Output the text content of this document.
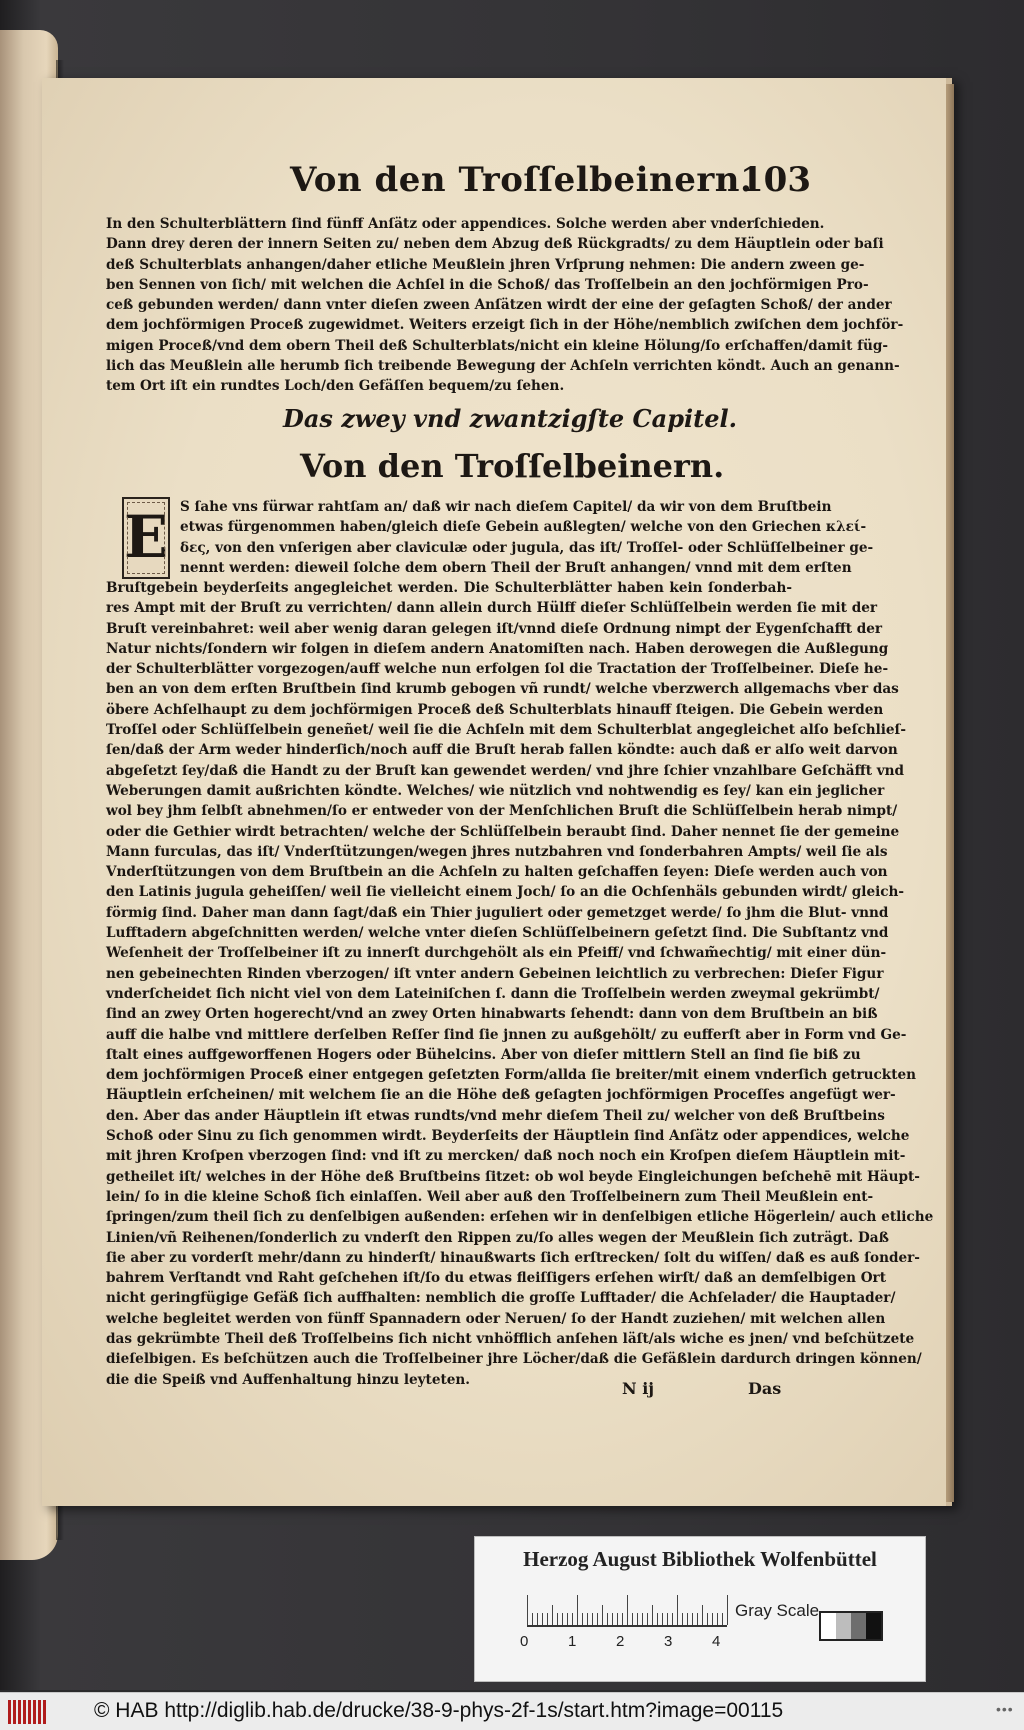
Von den Troſſelbeinern.
103
In den Schulterblättern ſind fünff Anſätz oder appendices. Solche werden aber vnderſchieden.
Dann drey deren der innern Seiten zu/ neben dem Abzug deß Rückgradts/ zu dem Häuptlein oder baſi
deß Schulterblats anhangen/daher etliche Meußlein jhren Vrſprung nehmen: Die andern zween ge-
ben Sennen von ſich/ mit welchen die Achſel in die Schoß/ das Troſſelbein an den jochförmigen Pro-
ceß gebunden werden/ dann vnter dieſen zween Anſätzen wirdt der eine der geſagten Schoß/ der ander
dem jochförmigen Proceß zugewidmet. Weiters erzeigt ſich in der Höhe/nemblich zwiſchen dem jochför-
migen Proceß/vnd dem obern Theil deß Schulterblats/nicht ein kleine Hölung/ſo erſchaffen/damit füg-
lich das Meußlein alle herumb ſich treibende Bewegung der Achſeln verrichten köndt. Auch an genann-
tem Ort iſt ein rundtes Loch/den Gefäſſen bequem/zu ſehen.
Das zwey vnd zwantzigſte Capitel.
Von den Troſſelbeinern.
E S ſahe vns fürwar rahtſam an/ daß wir nach dieſem Capitel/ da wir von dem Bruſtbein
etwas fürgenommen haben/gleich dieſe Gebein außlegten/ welche von den Griechen κλεί-
δες, von den vnſerigen aber claviculæ oder jugula, das iſt/ Troſſel- oder Schlüſſelbeiner ge-
nennt werden: dieweil ſolche dem obern Theil der Bruſt anhangen/ vnnd mit dem erſten
Bruſtgebein beyderſeits angegleichet werden. Die Schulterblätter haben kein ſonderbah-
res Ampt mit der Bruſt zu verrichten/ dann allein durch Hülff dieſer Schlüſſelbein werden ſie mit der
Bruſt vereinbahret: weil aber wenig daran gelegen iſt/vnnd dieſe Ordnung nimpt der Eygenſchafft der
Natur nichts/ſondern wir folgen in dieſem andern Anatomiſten nach. Haben derowegen die Außlegung
der Schulterblätter vorgezogen/auff welche nun erfolgen ſol die Tractation der Troſſelbeiner. Dieſe he-
ben an von dem erſten Bruſtbein ſind krumb gebogen vñ rundt/ welche vberzwerch allgemachs vber das
öbere Achſelhaupt zu dem jochförmigen Proceß deß Schulterblats hinauff ſteigen. Die Gebein werden
Troſſel oder Schlüſſelbein geneñet/ weil ſie die Achſeln mit dem Schulterblat angegleichet alſo beſchlieſ-
ſen/daß der Arm weder hinderſich/noch auff die Bruſt herab fallen köndte: auch daß er alſo weit darvon
abgeſetzt ſey/daß die Handt zu der Bruſt kan gewendet werden/ vnd jhre ſchier vnzahlbare Geſchäfft vnd
Weberungen damit außrichten köndte. Welches/ wie nützlich vnd nohtwendig es ſey/ kan ein jeglicher
wol bey jhm ſelbſt abnehmen/ſo er entweder von der Menſchlichen Bruſt die Schlüſſelbein herab nimpt/
oder die Gethier wirdt betrachten/ welche der Schlüſſelbein beraubt ſind. Daher nennet ſie der gemeine
Mann furculas, das iſt/ Vnderſtützungen/wegen jhres nutzbahren vnd ſonderbahren Ampts/ weil ſie als
Vnderſtützungen von dem Bruſtbein an die Achſeln zu halten geſchaffen ſeyen: Dieſe werden auch von
den Latinis jugula geheiſſen/ weil ſie vielleicht einem Joch/ ſo an die Ochſenhäls gebunden wirdt/ gleich-
förmig ſind. Daher man dann ſagt/daß ein Thier juguliert oder gemetzget werde/ ſo jhm die Blut- vnnd
Lufftadern abgeſchnitten werden/ welche vnter dieſen Schlüſſelbeinern geſetzt ſind. Die Subſtantz vnd
Weſenheit der Troſſelbeiner iſt zu innerſt durchgehölt als ein Pfeiff/ vnd ſchwam̃echtig/ mit einer dün-
nen gebeinechten Rinden vberzogen/ iſt vnter andern Gebeinen leichtlich zu verbrechen: Dieſer Figur
vnderſcheidet ſich nicht viel von dem Lateiniſchen ſ. dann die Troſſelbein werden zweymal gekrümbt/
ſind an zwey Orten hogerecht/vnd an zwey Orten hinabwarts ſehendt: dann von dem Bruſtbein an biß
auff die halbe vnd mittlere derſelben Reſſer ſind ſie jnnen zu außgehölt/ zu eufferſt aber in Form vnd Ge-
ſtalt eines auffgeworffenen Hogers oder Bühelcins. Aber von dieſer mittlern Stell an ſind ſie biß zu
dem jochförmigen Proceß einer entgegen geſetzten Form/allda ſie breiter/mit einem vnderſich getruckten
Häuptlein erſcheinen/ mit welchem ſie an die Höhe deß geſagten jochförmigen Proceſſes angefügt wer-
den. Aber das ander Häuptlein iſt etwas rundts/vnd mehr dieſem Theil zu/ welcher von deß Bruſtbeins
Schoß oder Sinu zu ſich genommen wirdt. Beyderſeits der Häuptlein ſind Anſätz oder appendices, welche
mit jhren Kroſpen vberzogen ſind: vnd iſt zu mercken/ daß noch noch ein Kroſpen dieſem Häuptlein mit-
getheilet iſt/ welches in der Höhe deß Bruſtbeins ſitzet: ob wol beyde Eingleichungen beſchehē mit Häupt-
lein/ ſo in die kleine Schoß ſich einlaſſen. Weil aber auß den Troſſelbeinern zum Theil Meußlein ent-
ſpringen/zum theil ſich zu denſelbigen außenden: erſehen wir in denſelbigen etliche Högerlein/ auch etliche
Linien/vñ Reihenen/ſonderlich zu vnderſt den Rippen zu/ſo alles wegen der Meußlein ſich zuträgt. Daß
ſie aber zu vorderſt mehr/dann zu hinderſt/ hinaußwarts ſich erſtrecken/ ſolt du wiſſen/ daß es auß ſonder-
bahrem Verſtandt vnd Raht geſchehen iſt/ſo du etwas fleiſſigers erſehen wirſt/ daß an demſelbigen Ort
nicht geringfügige Gefäß ſich auffhalten: nemblich die groſſe Lufftader/ die Achſelader/ die Hauptader/
welche begleitet werden von fünff Spannadern oder Neruen/ ſo der Handt zuziehen/ mit welchen allen
das gekrümbte Theil deß Troſſelbeins ſich nicht vnhöfflich anſehen läſt/als wiche es jnen/ vnd beſchützete
dieſelbigen. Es beſchützen auch die Troſſelbeiner jhre Löcher/daß die Gefäßlein dardurch dringen können/
die die Speiß vnd Auffenhaltung hinzu leyteten.	N ij	Das
Herzog August Bibliothek Wolfenbüttel
0	1	2	3	4
Gray Scale
© HAB http://diglib.hab.de/drucke/38-9-phys-2f-1s/start.htm?image=00115	•••
